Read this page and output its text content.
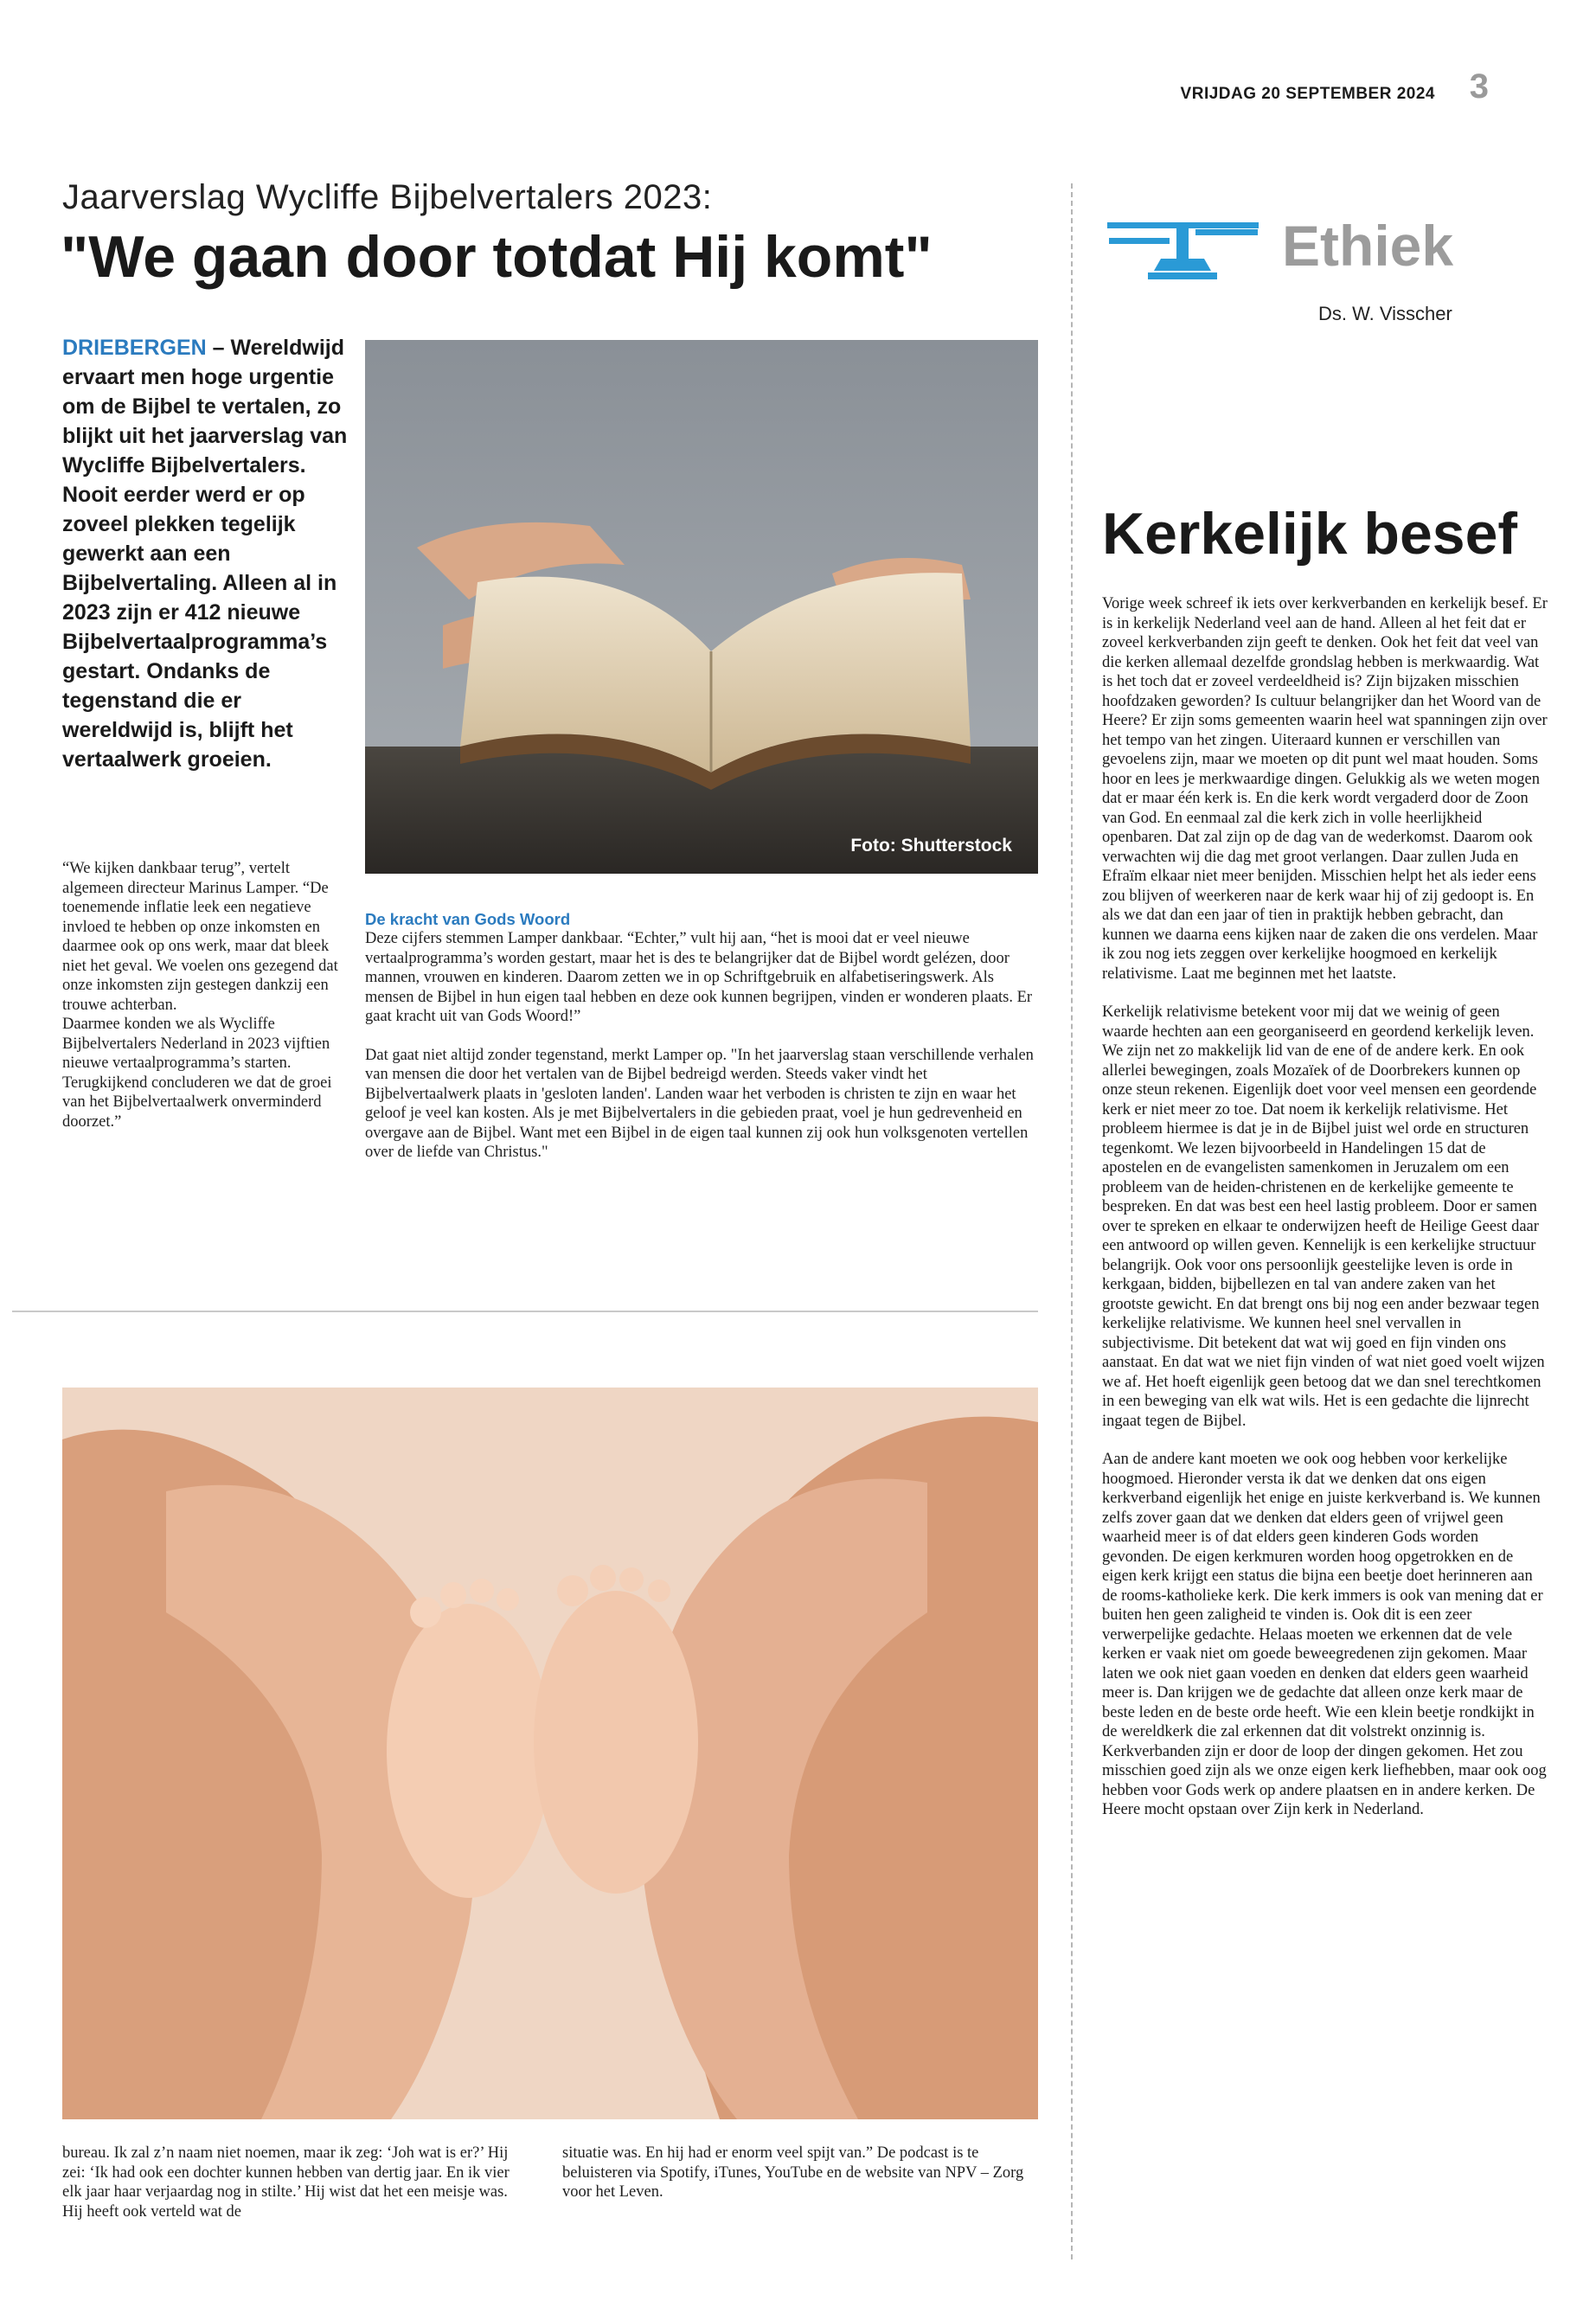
VRIJDAG 20 SEPTEMBER 2024 3
Jaarverslag Wycliffe Bijbelvertalers 2023:
"We gaan door totdat Hij komt"
DRIEBERGEN – Wereldwijd ervaart men hoge urgentie om de Bijbel te vertalen, zo blijkt uit het jaarverslag van Wycliffe Bijbelvertalers. Nooit eerder werd er op zoveel plekken tegelijk gewerkt aan een Bijbelvertaling. Alleen al in 2023 zijn er 412 nieuwe Bijbelvertaalprogramma’s gestart. Ondanks de tegenstand die er wereldwijd is, blijft het vertaalwerk groeien.
Foto: Shutterstock

“We kijken dankbaar terug”, vertelt algemeen directeur Marinus Lamper. “De toenemende inflatie leek een negatieve invloed te hebben op onze inkomsten en daarmee ook op ons werk, maar dat bleek niet het geval. We voelen ons gezegend dat onze inkomsten zijn gestegen dankzij een trouwe achterban.

Daarmee konden we als Wycliffe Bijbelvertalers Nederland in 2023 vijftien nieuwe vertaalprogramma’s starten. Terugkijkend concluderen we dat de groei van het Bijbelvertaalwerk onverminderd doorzet.”

De kracht van Gods Woord

Deze cijfers stemmen Lamper dankbaar. “Echter,” vult hij aan, “het is mooi dat er veel nieuwe vertaalprogramma’s worden gestart, maar het is des te belangrijker dat de Bijbel wordt gelézen, door mannen, vrouwen en kinderen. Daarom zetten we in op Schriftgebruik en alfabetiseringswerk. Als mensen de Bijbel in hun eigen taal hebben en deze ook kunnen begrijpen, vinden er wonderen plaats. Er gaat kracht uit van Gods Woord!”

Dat gaat niet altijd zonder tegenstand, merkt Lamper op. "In het jaarverslag staan verschillende verhalen van mensen die door het vertalen van de Bijbel bedreigd werden. Steeds vaker vindt het Bijbelvertaalwerk plaats in 'gesloten landen'. Landen waar het verboden is christen te zijn en waar het geloof je veel kan kosten. Als je met Bijbelvertalers in die gebieden praat, voel je hun gedrevenheid en overgave aan de Bijbel. Want met een Bijbel in de eigen taal kunnen zij ook hun volksgenoten vertellen over de liefde van Christus."

bureau. Ik zal z’n naam niet noemen, maar ik zeg: ‘Joh wat is er?’ Hij zei: ‘Ik had ook een dochter kunnen hebben van dertig jaar. En ik vier elk jaar haar verjaardag nog in stilte.’ Hij wist dat het een meisje was. Hij heeft ook verteld wat de
situatie was. En hij had er enorm veel spijt van.” De podcast is te beluisteren via Spotify, iTunes, YouTube en de website van NPV – Zorg voor het Leven.
Ethiek
Ds. W. Visscher
Kerkelijk besef

Vorige week schreef ik iets over kerkverbanden en kerkelijk besef. Er is in kerkelijk Nederland veel aan de hand. Alleen al het feit dat er zoveel kerkverbanden zijn geeft te denken. Ook het feit dat veel van die kerken allemaal dezelfde grondslag hebben is merkwaardig. Wat is het toch dat er zoveel verdeeldheid is? Zijn bijzaken misschien hoofdzaken geworden? Is cultuur belangrijker dan het Woord van de Heere? Er zijn soms gemeenten waarin heel wat spanningen zijn over het tempo van het zingen. Uiteraard kunnen er verschillen van gevoelens zijn, maar we moeten op dit punt wel maat houden. Soms hoor en lees je merkwaardige dingen. Gelukkig als we weten mogen dat er maar één kerk is. En die kerk wordt vergaderd door de Zoon van God. En eenmaal zal die kerk zich in volle heerlijkheid openbaren. Dat zal zijn op de dag van de wederkomst. Daarom ook verwachten wij die dag met groot verlangen. Daar zullen Juda en Efraïm elkaar niet meer benijden. Misschien helpt het als ieder eens zou blijven of weerkeren naar de kerk waar hij of zij gedoopt is. En als we dat dan een jaar of tien in praktijk hebben gebracht, dan kunnen we daarna eens kijken naar de zaken die ons verdelen. Maar ik zou nog iets zeggen over kerkelijke hoogmoed en kerkelijk relativisme. Laat me beginnen met het laatste.

Kerkelijk relativisme betekent voor mij dat we weinig of geen waarde hechten aan een georganiseerd en geordend kerkelijk leven. We zijn net zo makkelijk lid van de ene of de andere kerk. En ook allerlei bewegingen, zoals Mozaïek of de Doorbrekers kunnen op onze steun rekenen. Eigenlijk doet voor veel mensen een geordende kerk er niet meer zo toe. Dat noem ik kerkelijk relativisme. Het probleem hiermee is dat je in de Bijbel juist wel orde en structuren tegenkomt. We lezen bijvoorbeeld in Handelingen 15 dat de apostelen en de evangelisten samenkomen in Jeruzalem om een probleem van de heiden-christenen en de kerkelijke gemeente te bespreken. En dat was best een heel lastig probleem. Door er samen over te spreken en elkaar te onderwijzen heeft de Heilige Geest daar een antwoord op willen geven. Kennelijk is een kerkelijke structuur belangrijk. Ook voor ons persoonlijk geestelijke leven is orde in kerkgaan, bidden, bijbellezen en tal van andere zaken van het grootste gewicht. En dat brengt ons bij nog een ander bezwaar tegen kerkelijke relativisme. We kunnen heel snel vervallen in subjectivisme. Dit betekent dat wat wij goed en fijn vinden ons aanstaat. En dat wat we niet fijn vinden of wat niet goed voelt wijzen we af. Het hoeft eigenlijk geen betoog dat we dan snel terechtkomen in een beweging van elk wat wils. Het is een gedachte die lijnrecht ingaat tegen de Bijbel.

Aan de andere kant moeten we ook oog hebben voor kerkelijke hoogmoed. Hieronder versta ik dat we denken dat ons eigen kerkverband eigenlijk het enige en juiste kerkverband is. We kunnen zelfs zover gaan dat we denken dat elders geen of vrijwel geen waarheid meer is of dat elders geen kinderen Gods worden gevonden. De eigen kerkmuren worden hoog opgetrokken en de eigen kerk krijgt een status die bijna een beetje doet herinneren aan de rooms-katholieke kerk. Die kerk immers is ook van mening dat er buiten hen geen zaligheid te vinden is. Ook dit is een zeer verwerpelijke gedachte. Helaas moeten we erkennen dat de vele kerken er vaak niet om goede beweegredenen zijn gekomen. Maar laten we ook niet gaan voeden en denken dat elders geen waarheid meer is. Dan krijgen we de gedachte dat alleen onze kerk maar de beste leden en de beste orde heeft. Wie een klein beetje rondkijkt in de wereldkerk die zal erkennen dat dit volstrekt onzinnig is. Kerkverbanden zijn er door de loop der dingen gekomen. Het zou misschien goed zijn als we onze eigen kerk liefhebben, maar ook oog hebben voor Gods werk op andere plaatsen en in andere kerken. De Heere mocht opstaan over Zijn kerk in Nederland.
